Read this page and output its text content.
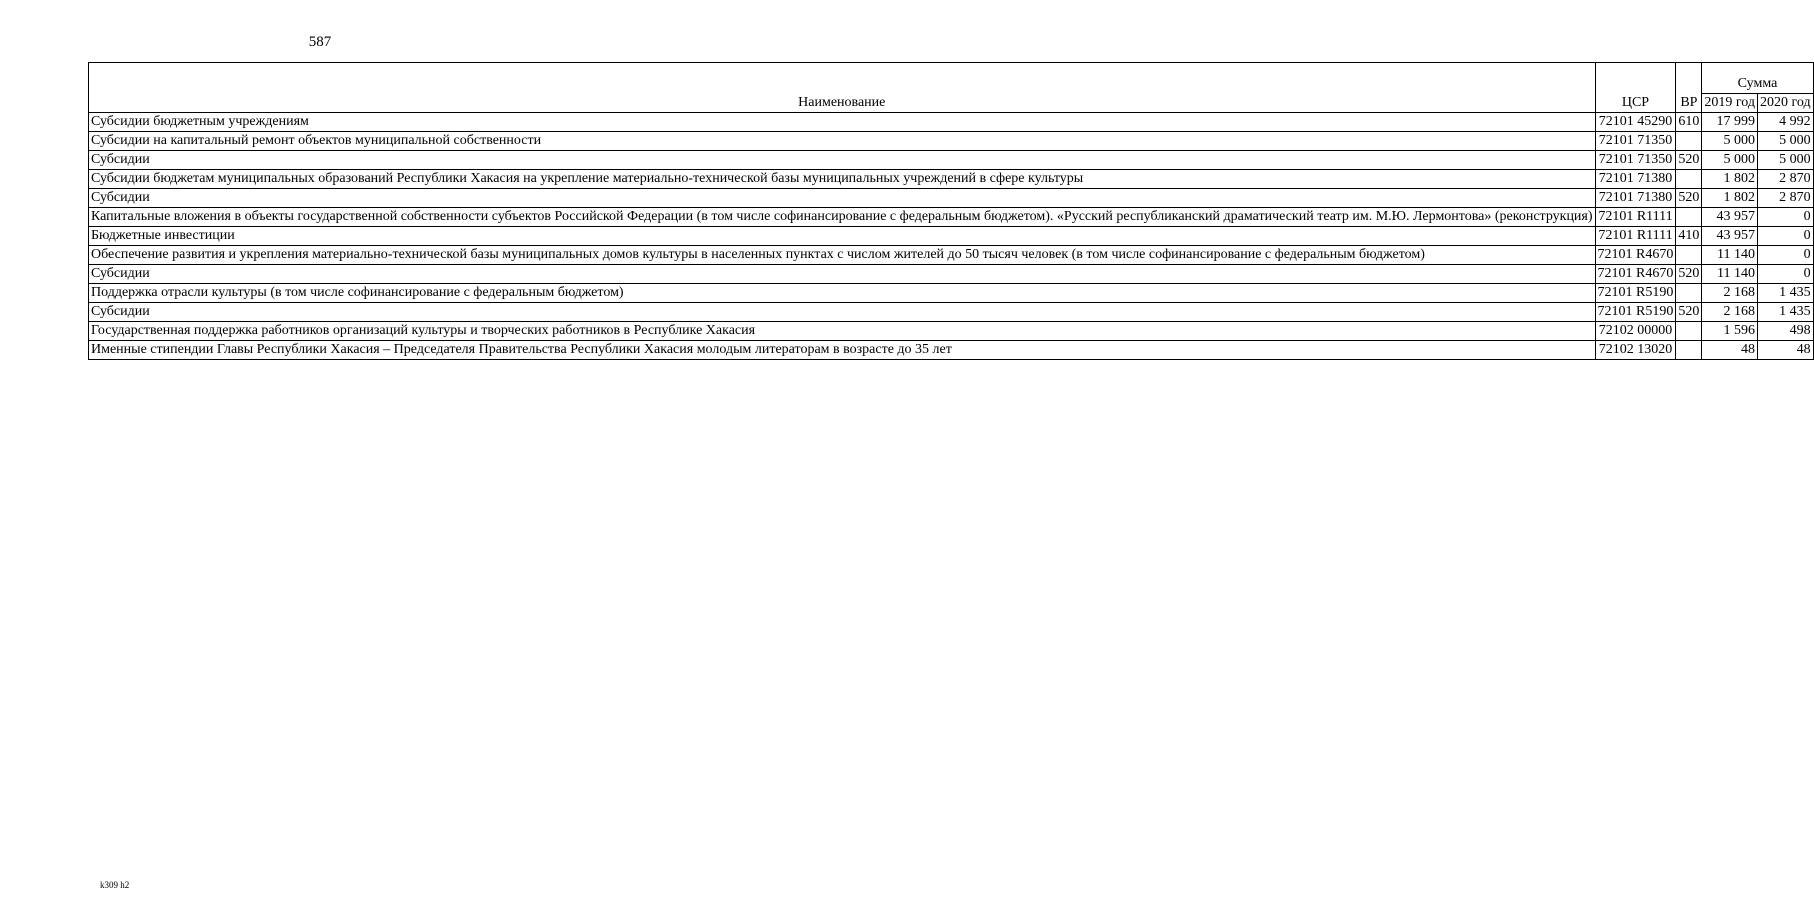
587
Наименование	ЦСР	ВР	Сумма	
			2019 год	2020 год
Субсидии бюджетным учреждениям	72101 45290	610	17 999	4 992
Субсидии на капитальный ремонт объектов муниципальной собственности	72101 71350		5 000	5 000
Субсидии	72101 71350	520	5 000	5 000
Субсидии бюджетам муниципальных образований Республики Хакасия на укрепление материально-технической базы муниципальных учреждений в сфере культуры	72101 71380		1 802	2 870
Субсидии	72101 71380	520	1 802	2 870
Капитальные вложения в объекты государственной собственности субъектов Российской Федерации (в том числе софинансирование с федеральным бюджетом). «Русский республиканский драматический театр им. М.Ю. Лермонтова» (реконструкция)	72101 R1111		43 957	0
Бюджетные инвестиции	72101 R1111	410	43 957	0
Обеспечение развития и укрепления материально-технической базы муниципальных домов культуры в населенных пунктах с числом жителей до 50 тысяч человек (в том числе софинансирование с федеральным бюджетом)	72101 R4670		11 140	0
Субсидии	72101 R4670	520	11 140	0
Поддержка отрасли культуры (в том числе софинансирование с федеральным бюджетом)	72101 R5190		2 168	1 435
Субсидии	72101 R5190	520	2 168	1 435
Государственная поддержка работников организаций культуры и творческих работников в Республике Хакасия	72102 00000		1 596	498
Именные стипендии Главы Республики Хакасия – Председателя Правительства Республики Хакасия молодым литераторам в возрасте до 35 лет	72102 13020		48	48
k309 h2
